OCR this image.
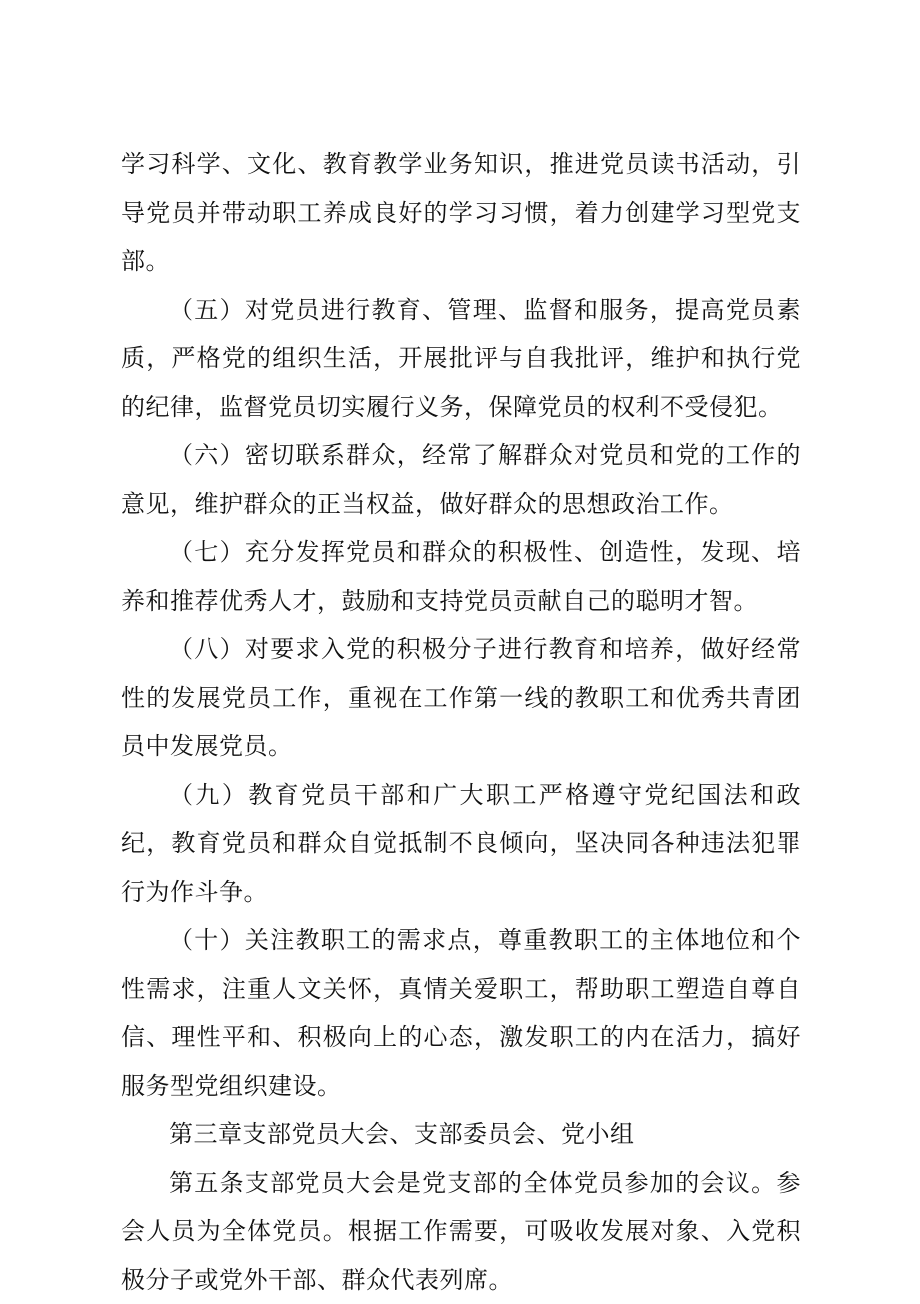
学习科学、文化、教育教学业务知识，推进党员读书活动，引导党员并带动职工养成良好的学习习惯，着力创建学习型党支部。

（五）对党员进行教育、管理、监督和服务，提高党员素质，严格党的组织生活，开展批评与自我批评，维护和执行党的纪律，监督党员切实履行义务，保障党员的权利不受侵犯。

（六）密切联系群众，经常了解群众对党员和党的工作的意见，维护群众的正当权益，做好群众的思想政治工作。

（七）充分发挥党员和群众的积极性、创造性，发现、培养和推荐优秀人才，鼓励和支持党员贡献自己的聪明才智。

（八）对要求入党的积极分子进行教育和培养，做好经常性的发展党员工作，重视在工作第一线的教职工和优秀共青团员中发展党员。

（九）教育党员干部和广大职工严格遵守党纪国法和政纪，教育党员和群众自觉抵制不良倾向，坚决同各种违法犯罪行为作斗争。

（十）关注教职工的需求点，尊重教职工的主体地位和个性需求，注重人文关怀，真情关爱职工，帮助职工塑造自尊自信、理性平和、积极向上的心态，激发职工的内在活力，搞好服务型党组织建设。

第三章支部党员大会、支部委员会、党小组

第五条支部党员大会是党支部的全体党员参加的会议。参会人员为全体党员。根据工作需要，可吸收发展对象、入党积极分子或党外干部、群众代表列席。
